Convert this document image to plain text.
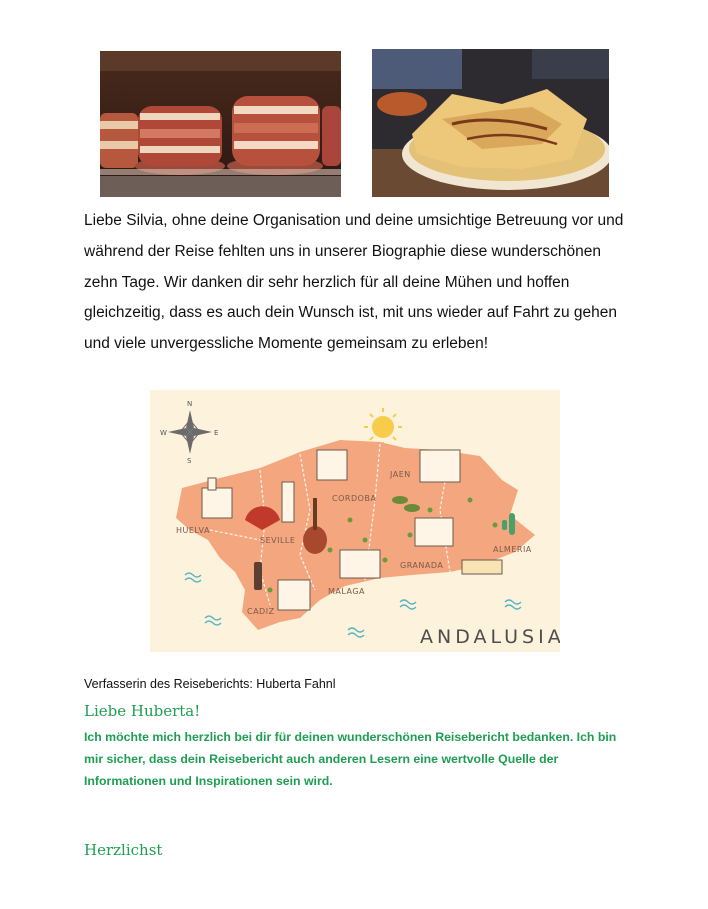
Liebe Silvia, ohne deine Organisation und deine umsichtige Betreuung vor und während der Reise fehlten uns in unserer Biographie diese wunderschönen zehn Tage. Wir danken dir sehr herzlich für all deine Mühen und hoffen gleichzeitig, dass es auch dein Wunsch ist, mit uns wieder auf Fahrt zu gehen und viele unvergessliche Momente gemeinsam zu erleben!
N
E
S
W
JAEN
CORDOBA
HUELVA
SEVILLE
ALMERIA
GRANADA
MALAGA
CADIZ
ANDALUSIA
Verfasserin des Reiseberichts: Huberta Fahnl
Liebe Huberta!
Ich möchte mich herzlich bei dir für deinen wunderschönen Reisebericht bedanken. Ich bin mir sicher, dass dein Reisebericht auch anderen Lesern eine wertvolle Quelle der Informationen und Inspirationen sein wird.
Herzlichst
